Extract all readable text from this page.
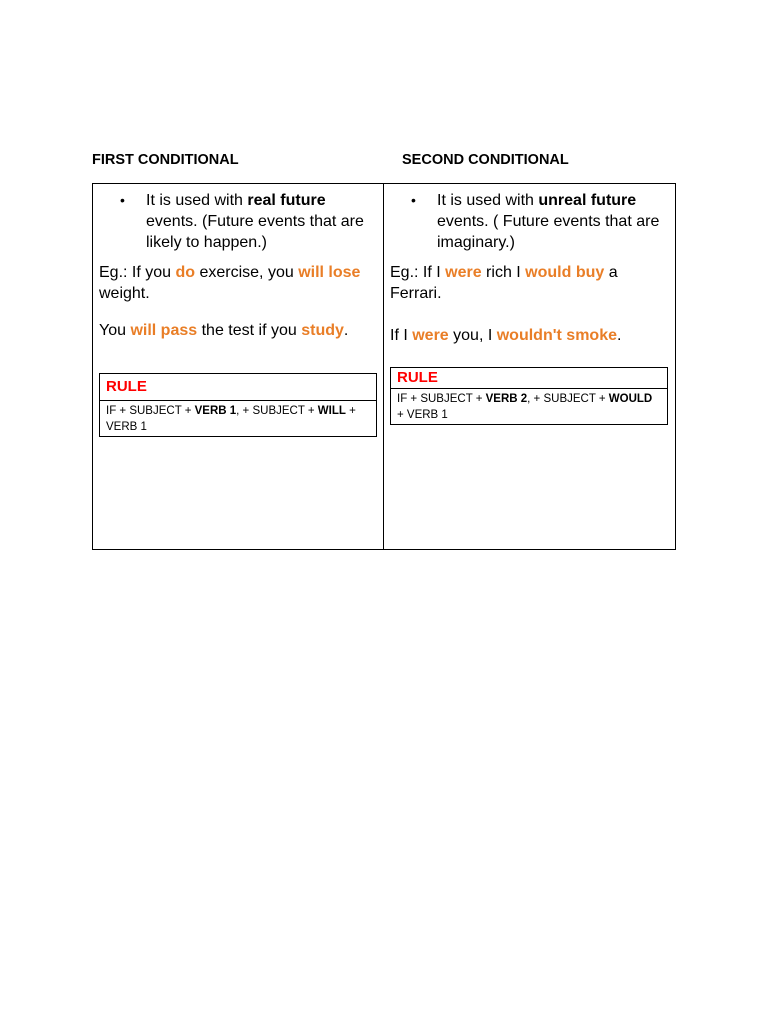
FIRST CONDITIONAL	SECOND CONDITIONAL
• It is used with real future events. (Future events that are likely to happen.)
Eg.: If you do exercise, you will lose weight.
You will pass the test if you study.
RULE
IF + SUBJECT + VERB 1, + SUBJECT + WILL + VERB 1
• It is used with unreal future events. ( Future events that are imaginary.)
Eg.: If I were rich I would buy a Ferrari.
If I were you, I wouldn't smoke.
RULE
IF + SUBJECT + VERB 2, + SUBJECT + WOULD + VERB 1
